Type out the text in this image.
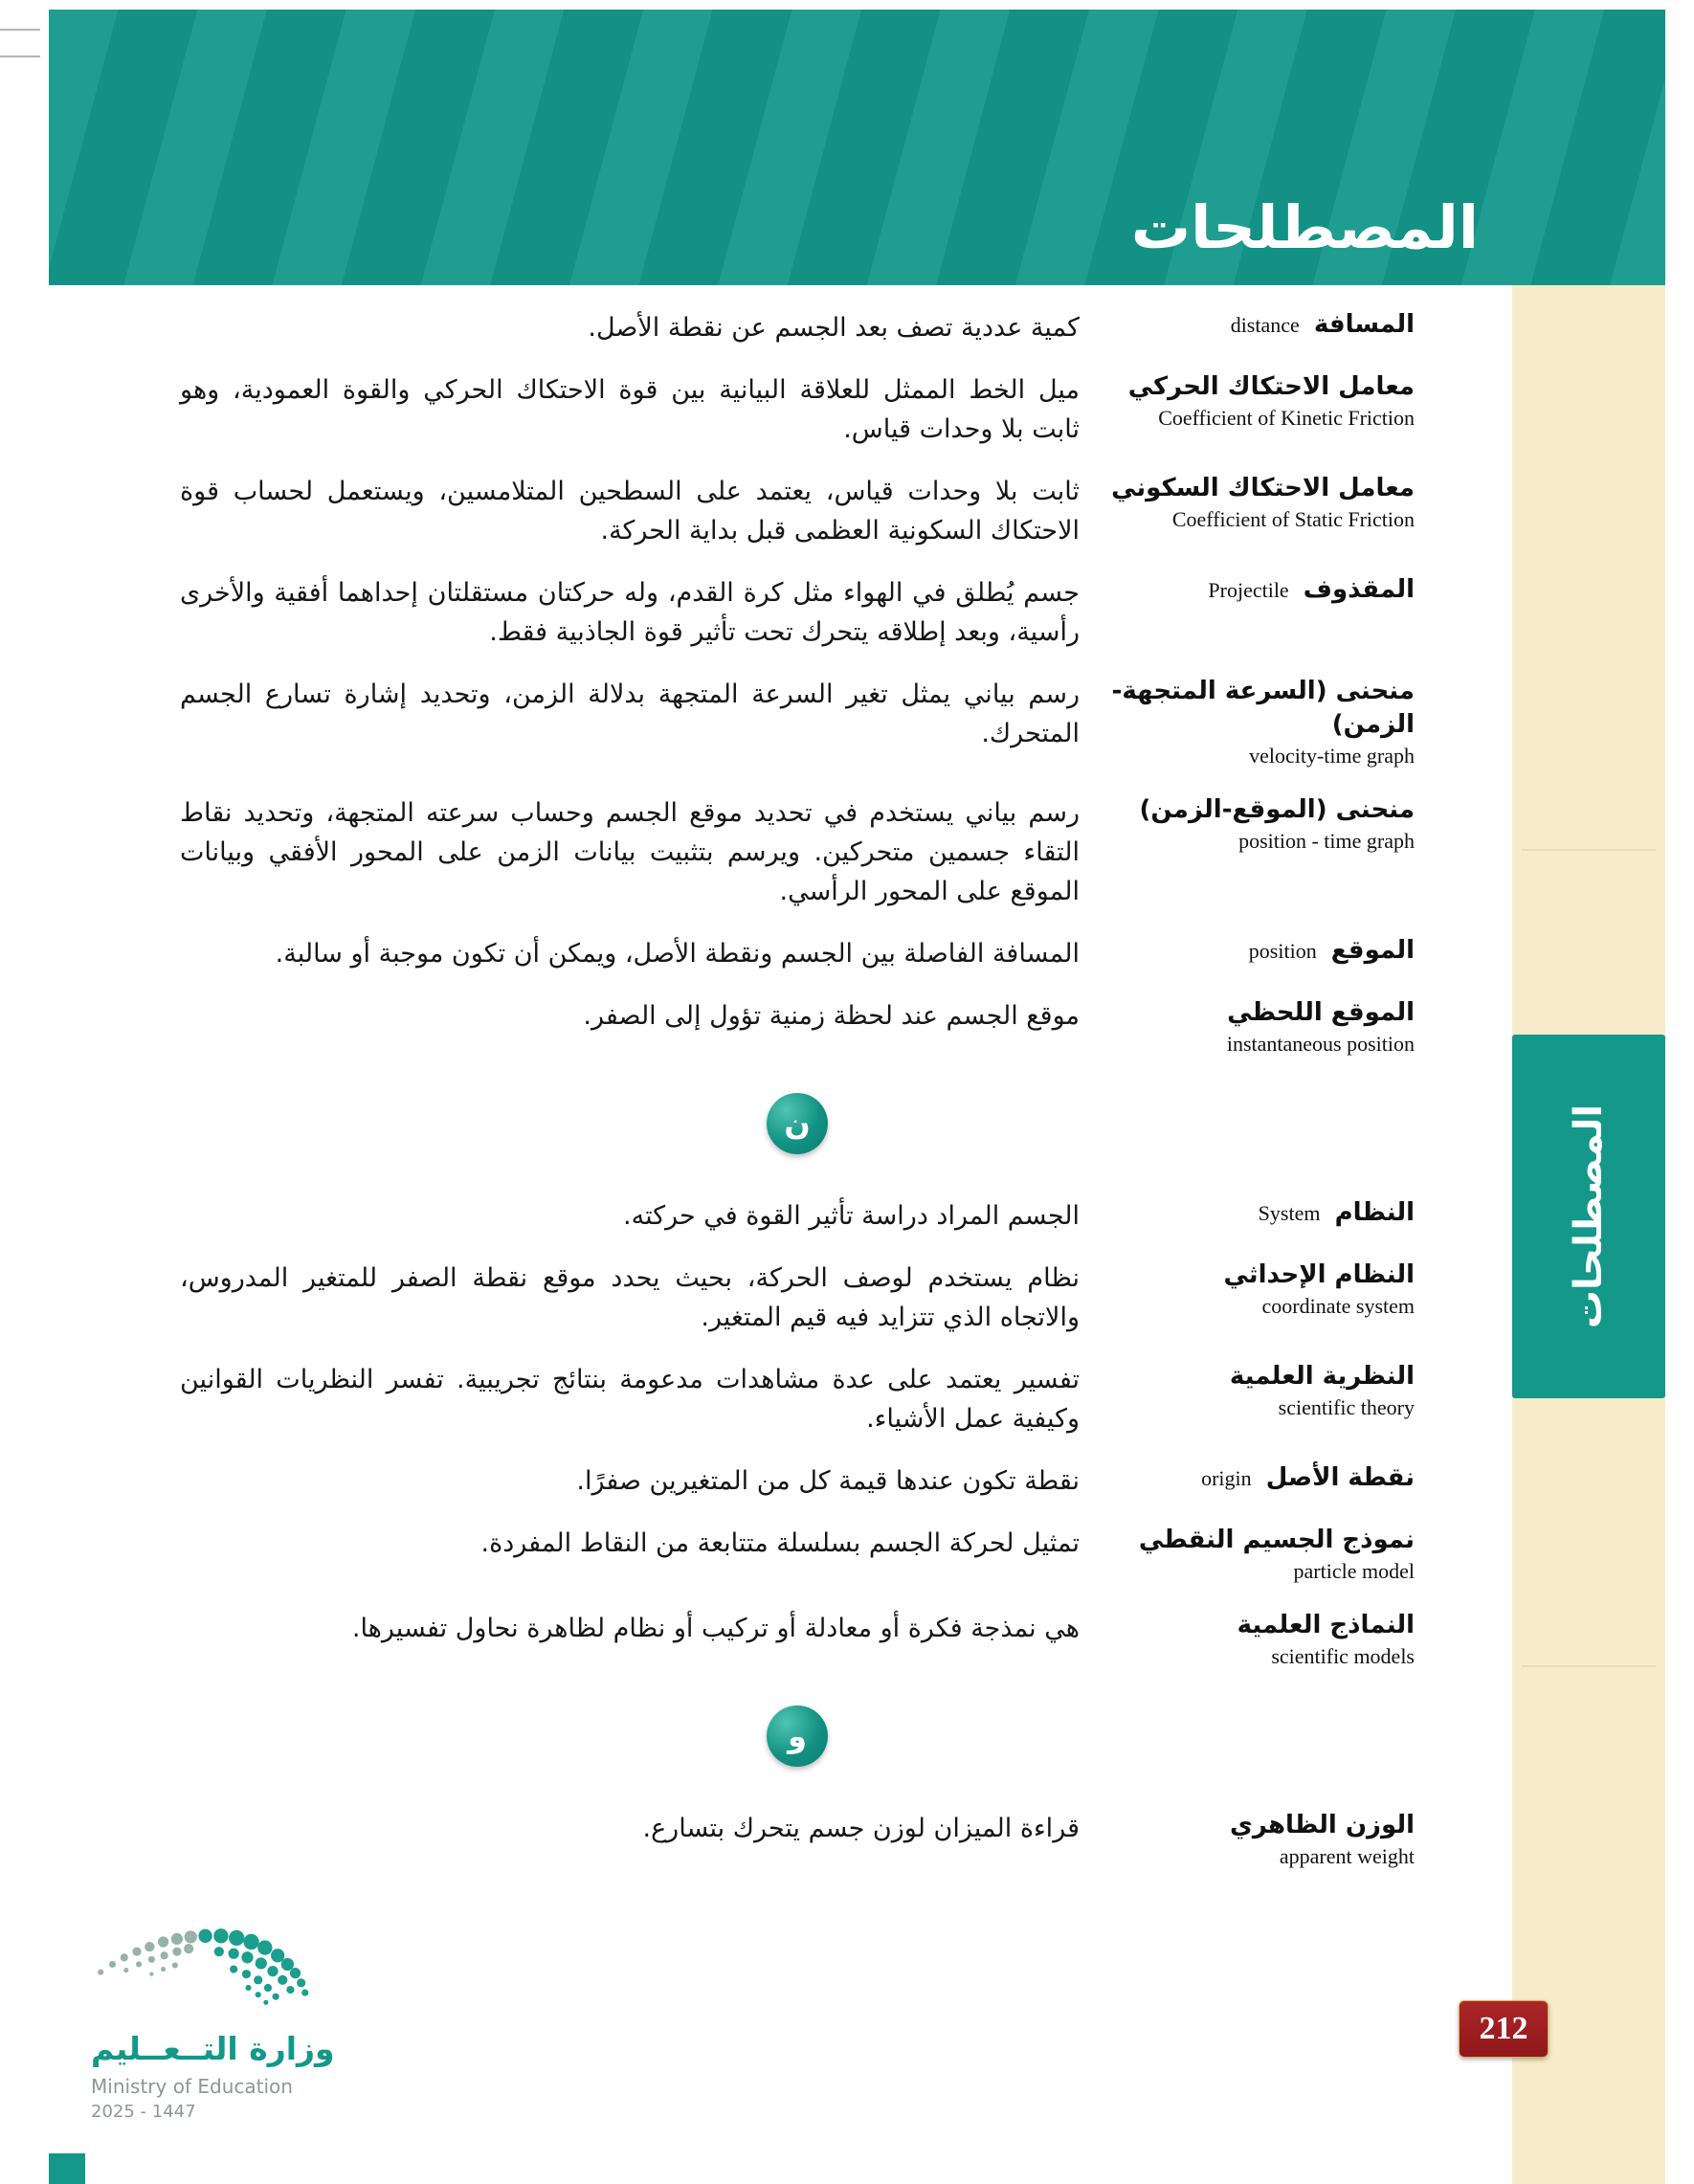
المصطلحات
المصطلحات
المسافة distance
كمية عددية تصف بعد الجسم عن نقطة الأصل.
معامل الاحتكاك الحركي
Coefficient of Kinetic Friction
ميل الخط الممثل للعلاقة البيانية بين قوة الاحتكاك الحركي والقوة العمودية، وهو ثابت بلا وحدات قياس.
معامل الاحتكاك السكوني
Coefficient of Static Friction
ثابت بلا وحدات قياس، يعتمد على السطحين المتلامسين، ويستعمل لحساب قوة الاحتكاك السكونية العظمى قبل بداية الحركة.
المقذوف Projectile
جسم يُطلق في الهواء مثل كرة القدم، وله حركتان مستقلتان إحداهما أفقية والأخرى رأسية، وبعد إطلاقه يتحرك تحت تأثير قوة الجاذبية فقط.
منحنى (السرعة المتجهة-الزمن)
velocity-time graph
رسم بياني يمثل تغير السرعة المتجهة بدلالة الزمن، وتحديد إشارة تسارع الجسم المتحرك.
منحنى (الموقع-الزمن)
position - time graph
رسم بياني يستخدم في تحديد موقع الجسم وحساب سرعته المتجهة، وتحديد نقاط التقاء جسمين متحركين. ويرسم بتثبيت بيانات الزمن على المحور الأفقي وبيانات الموقع على المحور الرأسي.
الموقع position
المسافة الفاصلة بين الجسم ونقطة الأصل، ويمكن أن تكون موجبة أو سالبة.
الموقع اللحظي
instantaneous position
موقع الجسم عند لحظة زمنية تؤول إلى الصفر.
ن
النظام System
الجسم المراد دراسة تأثير القوة في حركته.
النظام الإحداثي
coordinate system
نظام يستخدم لوصف الحركة، بحيث يحدد موقع نقطة الصفر للمتغير المدروس، والاتجاه الذي تتزايد فيه قيم المتغير.
النظرية العلمية
scientific theory
تفسير يعتمد على عدة مشاهدات مدعومة بنتائج تجريبية. تفسر النظريات القوانين وكيفية عمل الأشياء.
نقطة الأصل origin
نقطة تكون عندها قيمة كل من المتغيرين صفرًا.
نموذج الجسيم النقطي
particle model
تمثيل لحركة الجسم بسلسلة متتابعة من النقاط المفردة.
النماذج العلمية
scientific models
هي نمذجة فكرة أو معادلة أو تركيب أو نظام لظاهرة نحاول تفسيرها.
و
الوزن الظاهري
apparent weight
قراءة الميزان لوزن جسم يتحرك بتسارع.
وزارة التــعــليم
Ministry of Education
2025 - 1447
212
